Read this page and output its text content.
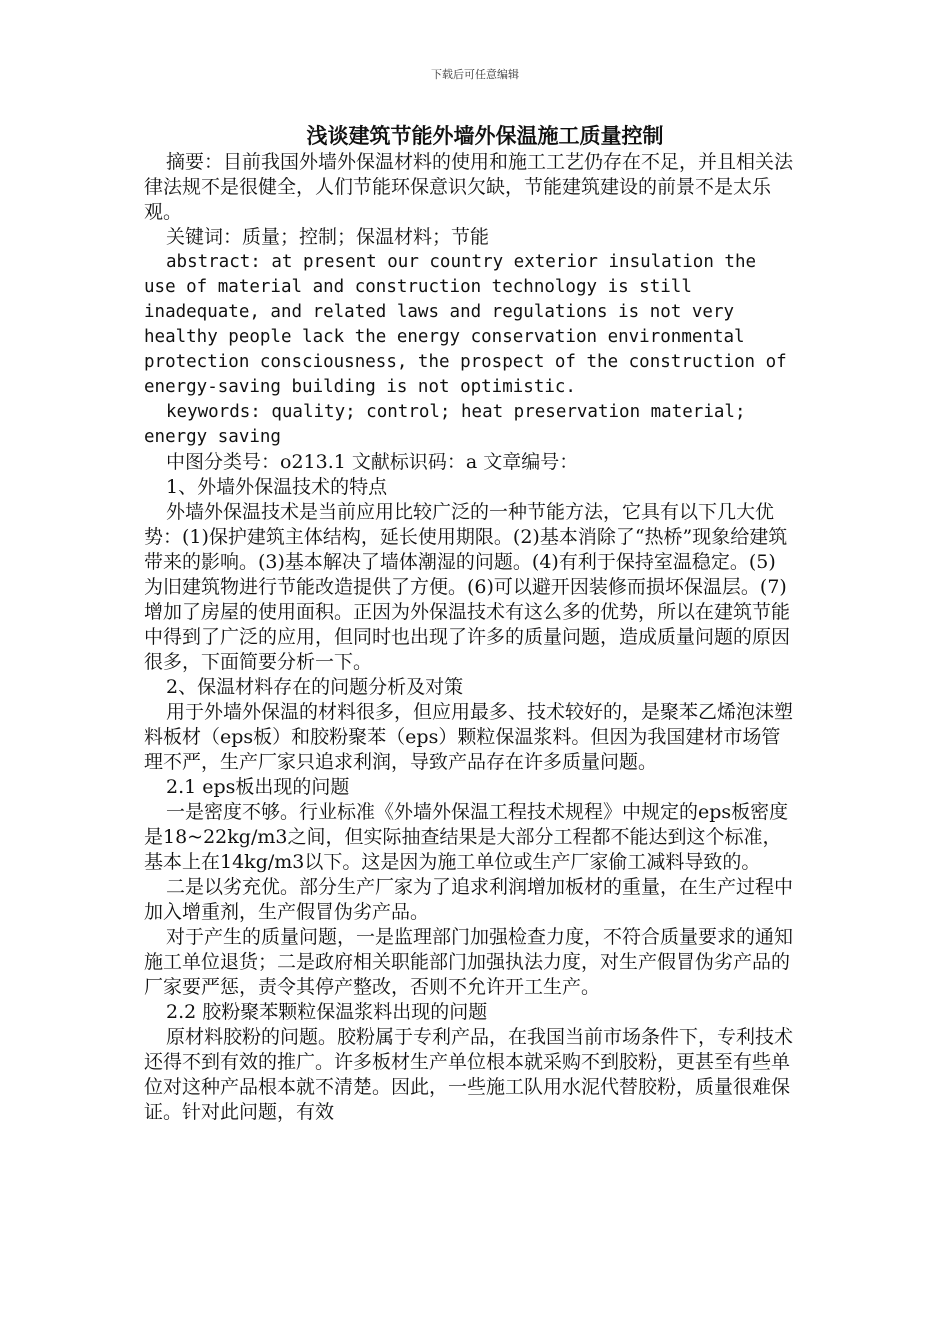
下载后可任意编辑
浅谈建筑节能外墙外保温施工质量控制

摘要：目前我国外墙外保温材料的使用和施工工艺仍存在不足，并且相关法律法规不是很健全，人们节能环保意识欠缺，节能建筑建设的前景不是太乐观。

关键词：质量；控制；保温材料；节能

abstract: at present our country exterior insulation the use of material and construction technology is still inadequate, and related laws and regulations is not very healthy people lack the energy conservation environmental protection consciousness, the prospect of the construction of energy-saving building is not optimistic.

keywords: quality; control; heat preservation material; energy saving

中图分类号：o213.1 文献标识码：a 文章编号：

1、外墙外保温技术的特点

外墙外保温技术是当前应用比较广泛的一种节能方法，它具有以下几大优势：(1)保护建筑主体结构，延长使用期限。(2)基本消除了“热桥”现象给建筑带来的影响。(3)基本解决了墙体潮湿的问题。(4)有利于保持室温稳定。(5)为旧建筑物进行节能改造提供了方便。(6)可以避开因装修而损坏保温层。(7)增加了房屋的使用面积。正因为外保温技术有这么多的优势，所以在建筑节能中得到了广泛的应用，但同时也出现了许多的质量问题，造成质量问题的原因很多，下面简要分析一下。

2、保温材料存在的问题分析及对策

用于外墙外保温的材料很多，但应用最多、技术较好的，是聚苯乙烯泡沫塑料板材（eps板）和胶粉聚苯（eps）颗粒保温浆料。但因为我国建材市场管理不严，生产厂家只追求利润，导致产品存在许多质量问题。

2.1 eps板出现的问题

一是密度不够。行业标准《外墙外保温工程技术规程》中规定的eps板密度是18~22kg/m3之间，但实际抽查结果是大部分工程都不能达到这个标准，基本上在14kg/m3以下。这是因为施工单位或生产厂家偷工减料导致的。

二是以劣充优。部分生产厂家为了追求利润增加板材的重量，在生产过程中加入增重剂，生产假冒伪劣产品。

对于产生的质量问题，一是监理部门加强检查力度，不符合质量要求的通知施工单位退货；二是政府相关职能部门加强执法力度，对生产假冒伪劣产品的厂家要严惩，责令其停产整改，否则不允许开工生产。

2.2 胶粉聚苯颗粒保温浆料出现的问题

原材料胶粉的问题。胶粉属于专利产品，在我国当前市场条件下，专利技术还得不到有效的推广。许多板材生产单位根本就采购不到胶粉，更甚至有些单位对这种产品根本就不清楚。因此，一些施工队用水泥代替胶粉，质量很难保证。针对此问题，有效
